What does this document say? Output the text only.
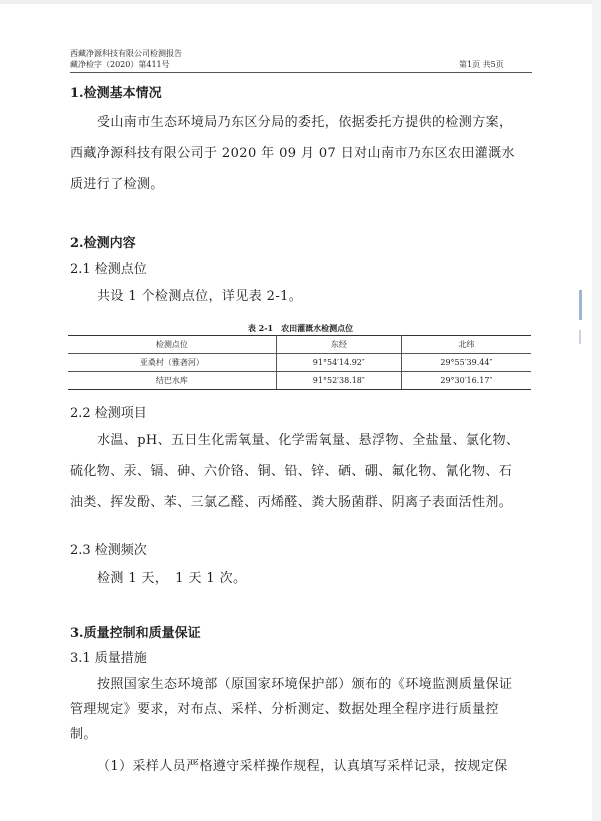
西藏净源科技有限公司检测报告
藏净检字（2020）第411号	第1页 共5页
1.检测基本情况
受山南市生态环境局乃东区分局的委托，依据委托方提供的检测方案，西藏净源科技有限公司于 2020 年 09 月 07 日对山南市乃东区农田灌溉水质进行了检测。
2.检测内容
2.1 检测点位
共设 1 个检测点位，详见表 2-1。
表 2-1　农田灌溉水检测点位
检测点位	东经	北纬
亚桑村（雅砻河）	91°54′14.92″	29°55′39.44″
结巴水库	91°52′38.18″	29°30′16.17″
2.2 检测项目
水温、pH、五日生化需氧量、化学需氧量、悬浮物、全盐量、氯化物、硫化物、汞、镉、砷、六价铬、铜、铅、锌、硒、硼、氟化物、氰化物、石油类、挥发酚、苯、三氯乙醛、丙烯醛、粪大肠菌群、阴离子表面活性剂。
2.3 检测频次
检测 1 天，　1 天 1 次。
3.质量控制和质量保证
3.1 质量措施
按照国家生态环境部（原国家环境保护部）颁布的《环境监测质量保证管理规定》要求，对布点、采样、分析测定、数据处理全程序进行质量控制。
（1）采样人员严格遵守采样操作规程，认真填写采样记录，按规定保
